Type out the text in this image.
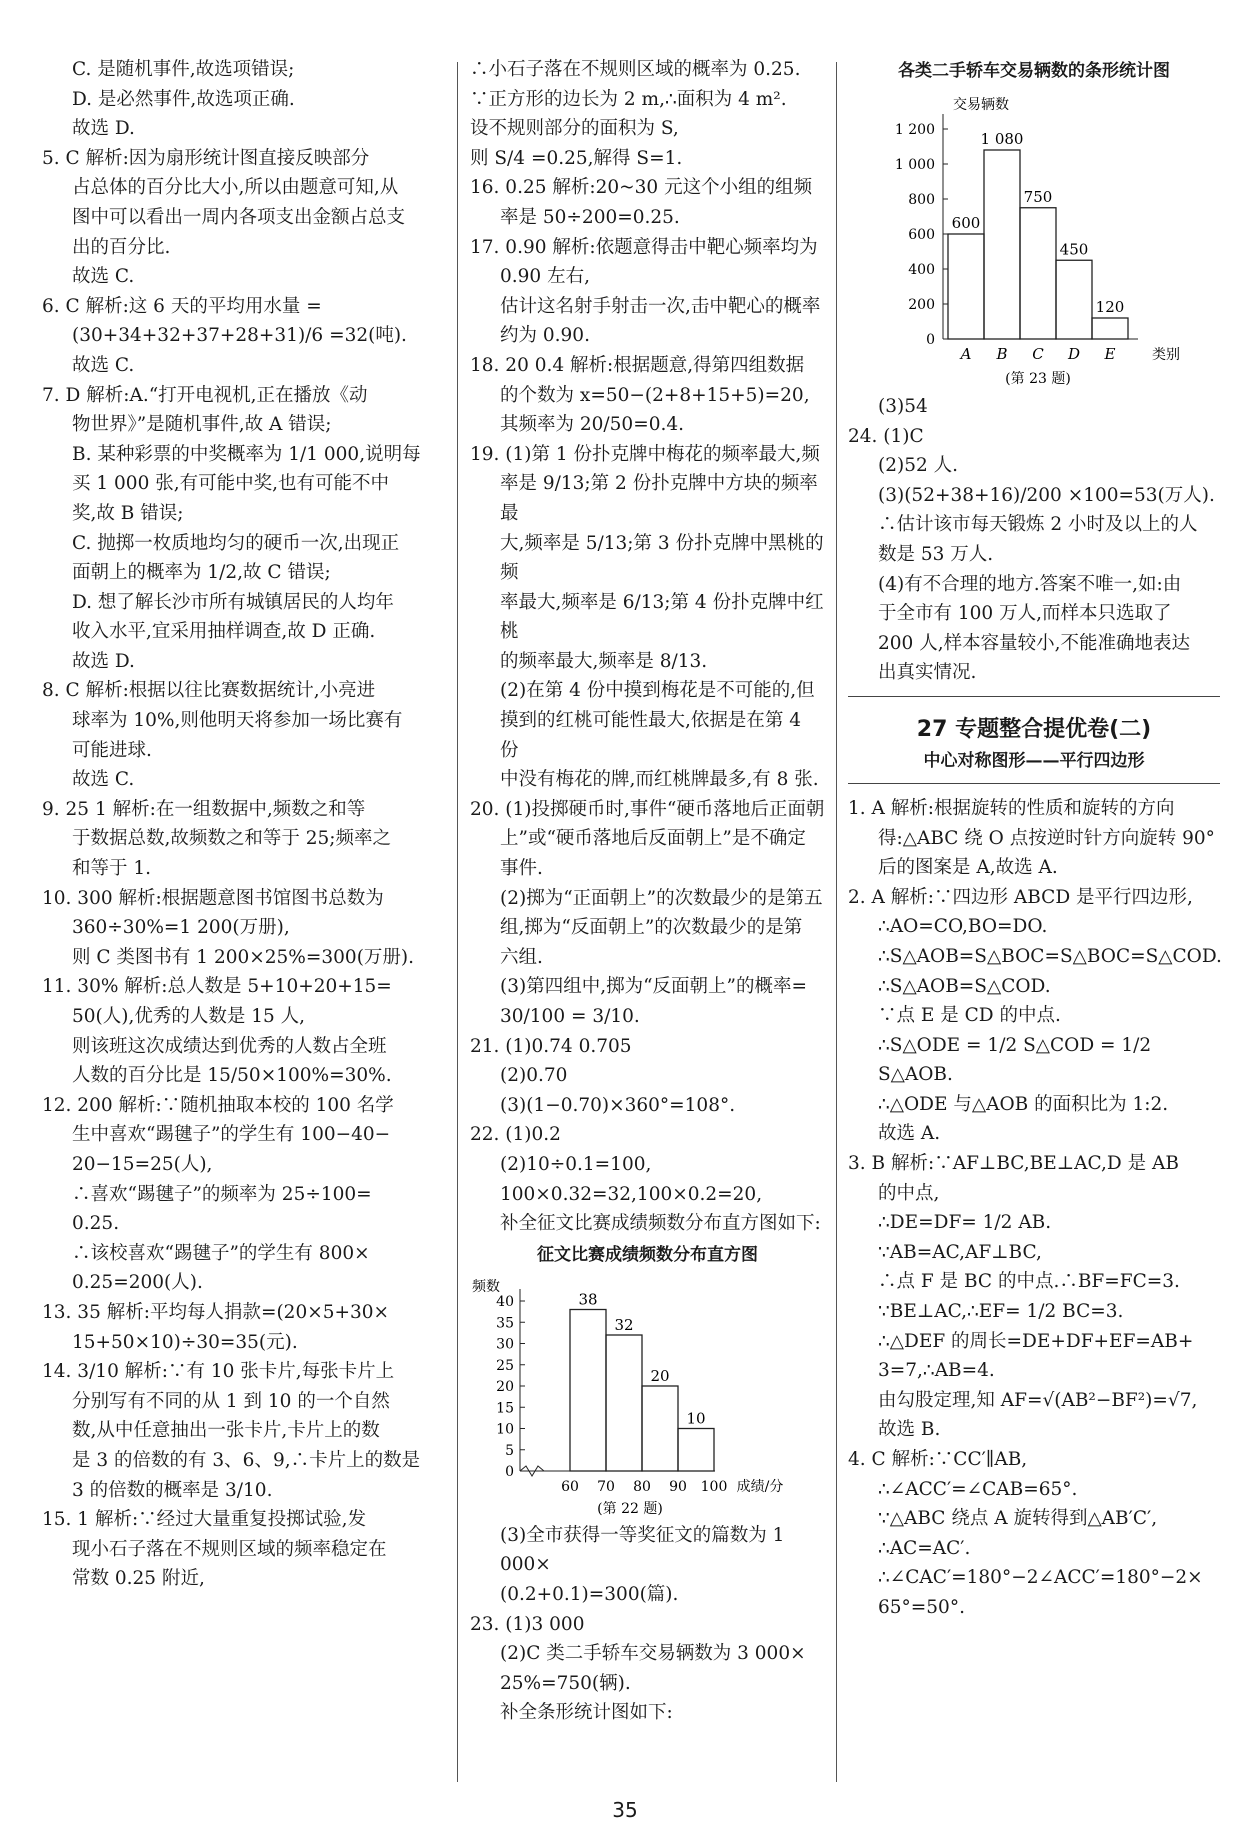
C. 是随机事件,故选项错误;

D. 是必然事件,故选项正确.

故选 D.

5. C 解析:因为扇形统计图直接反映部分

占总体的百分比大小,所以由题意可知,从

图中可以看出一周内各项支出金额占总支

出的百分比.

故选 C.

6. C 解析:这 6 天的平均用水量 =

(30+34+32+37+28+31)/6 =32(吨).

故选 C.

7. D 解析:A.“打开电视机,正在播放《动

物世界》”是随机事件,故 A 错误;

B. 某种彩票的中奖概率为 1/1 000,说明每

买 1 000 张,有可能中奖,也有可能不中

奖,故 B 错误;

C. 抛掷一枚质地均匀的硬币一次,出现正

面朝上的概率为 1/2,故 C 错误;

D. 想了解长沙市所有城镇居民的人均年

收入水平,宜采用抽样调查,故 D 正确.

故选 D.

8. C 解析:根据以往比赛数据统计,小亮进

球率为 10%,则他明天将参加一场比赛有

可能进球.

故选 C.

9. 25 1 解析:在一组数据中,频数之和等

于数据总数,故频数之和等于 25;频率之

和等于 1.

10. 300 解析:根据题意图书馆图书总数为

360÷30%=1 200(万册),

则 C 类图书有 1 200×25%=300(万册).

11. 30% 解析:总人数是 5+10+20+15=

50(人),优秀的人数是 15 人,

则该班这次成绩达到优秀的人数占全班

人数的百分比是 15/50×100%=30%.

12. 200 解析:∵随机抽取本校的 100 名学

生中喜欢“踢毽子”的学生有 100−40−

20−15=25(人),

∴喜欢“踢毽子”的频率为 25÷100=

0.25.

∴该校喜欢“踢毽子”的学生有 800×

0.25=200(人).

13. 35 解析:平均每人捐款=(20×5+30×

15+50×10)÷30=35(元).

14. 3/10 解析:∵有 10 张卡片,每张卡片上

分别写有不同的从 1 到 10 的一个自然

数,从中任意抽出一张卡片,卡片上的数

是 3 的倍数的有 3、6、9,∴卡片上的数是

3 的倍数的概率是 3/10.

15. 1 解析:∵经过大量重复投掷试验,发

现小石子落在不规则区域的频率稳定在

常数 0.25 附近,

∴小石子落在不规则区域的概率为 0.25.

∵正方形的边长为 2 m,∴面积为 4 m².

设不规则部分的面积为 S,

则 S/4 =0.25,解得 S=1.

16. 0.25 解析:20~30 元这个小组的组频

率是 50÷200=0.25.

17. 0.90 解析:依题意得击中靶心频率均为

0.90 左右,

估计这名射手射击一次,击中靶心的概率

约为 0.90.

18. 20 0.4 解析:根据题意,得第四组数据

的个数为 x=50−(2+8+15+5)=20,

其频率为 20/50=0.4.

19. (1)第 1 份扑克牌中梅花的频率最大,频

率是 9/13;第 2 份扑克牌中方块的频率最

大,频率是 5/13;第 3 份扑克牌中黑桃的频

率最大,频率是 6/13;第 4 份扑克牌中红桃

的频率最大,频率是 8/13.

(2)在第 4 份中摸到梅花是不可能的,但

摸到的红桃可能性最大,依据是在第 4 份

中没有梅花的牌,而红桃牌最多,有 8 张.

20. (1)投掷硬币时,事件“硬币落地后正面朝

上”或“硬币落地后反面朝上”是不确定

事件.

(2)掷为“正面朝上”的次数最少的是第五

组,掷为“反面朝上”的次数最少的是第

六组.

(3)第四组中,掷为“反面朝上”的概率=

30/100 = 3/10.

21. (1)0.74 0.705

(2)0.70

(3)(1−0.70)×360°=108°.

22. (1)0.2

(2)10÷0.1=100,

100×0.32=32,100×0.2=20,

补全征文比赛成绩频数分布直方图如下:

征文比赛成绩频数分布直方图
频数
0
5
10
15
20
25
30
35
40	38
32
20
10
60 70 80 90 100 成绩/分
(第 22 题)

(3)全市获得一等奖征文的篇数为 1 000×

(0.2+0.1)=300(篇).

23. (1)3 000

(2)C 类二手轿车交易辆数为 3 000×

25%=750(辆).

补全条形统计图如下:

各类二手轿车交易辆数的条形统计图
交易辆数
0
200
400
600
800
1 000
1 200
600
A
1 080
B
750
C
450
D
120
E	类别
(第 23 题)

(3)54

24. (1)C

(2)52 人.

(3)(52+38+16)/200 ×100=53(万人).

∴估计该市每天锻炼 2 小时及以上的人

数是 53 万人.

(4)有不合理的地方.答案不唯一,如:由

于全市有 100 万人,而样本只选取了

200 人,样本容量较小,不能准确地表达

出真实情况.

27 专题整合提优卷(二)
中心对称图形——平行四边形

1. A 解析:根据旋转的性质和旋转的方向

得:△ABC 绕 O 点按逆时针方向旋转 90°

后的图案是 A,故选 A.

2. A 解析:∵四边形 ABCD 是平行四边形,

∴AO=CO,BO=DO.

∴S△AOB=S△BOC=S△BOC=S△COD.

∴S△AOB=S△COD.

∵点 E 是 CD 的中点.

∴S△ODE = 1/2 S△COD = 1/2 S△AOB.

∴△ODE 与△AOB 的面积比为 1:2.

故选 A.

3. B 解析:∵AF⊥BC,BE⊥AC,D 是 AB

的中点,

∴DE=DF= 1/2 AB.

∵AB=AC,AF⊥BC,

∴点 F 是 BC 的中点.∴BF=FC=3.

∵BE⊥AC,∴EF= 1/2 BC=3.

∴△DEF 的周长=DE+DF+EF=AB+

3=7,∴AB=4.

由勾股定理,知 AF=√(AB²−BF²)=√7,

故选 B.

4. C 解析:∵CC′∥AB,

∴∠ACC′=∠CAB=65°.

∵△ABC 绕点 A 旋转得到△AB′C′,

∴AC=AC′.

∴∠CAC′=180°−2∠ACC′=180°−2×

65°=50°.

35
